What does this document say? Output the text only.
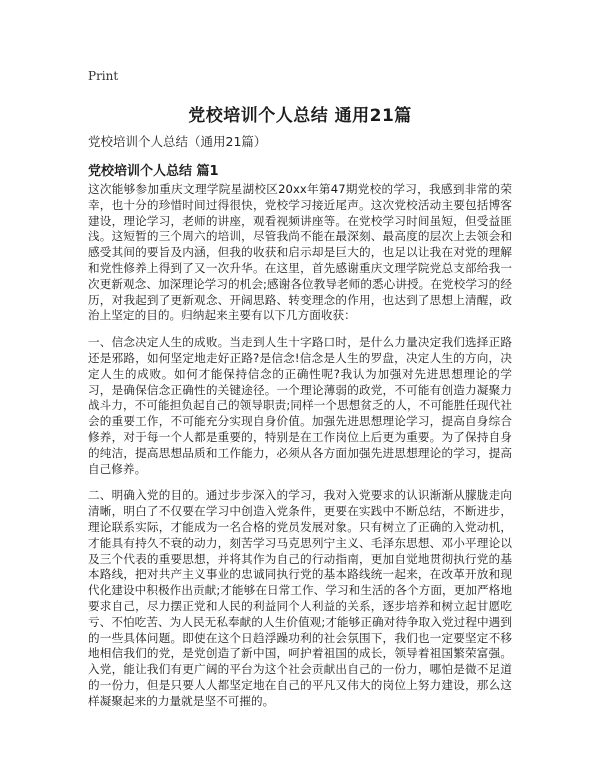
Print
党校培训个人总结 通用21篇
党校培训个人总结（通用21篇）
党校培训个人总结 篇1

这次能够参加重庆文理学院星湖校区20xx年第47期党校的学习，我感到非常的荣幸，也十分的珍惜时间过得很快，党校学习接近尾声。这次党校活动主要包括博客建设，理论学习，老师的讲座，观看视频讲座等。在党校学习时间虽短，但受益匪浅。这短暂的三个周六的培训，尽管我尚不能在最深刻、最高度的层次上去领会和感受其间的要旨及内涵，但我的收获和启示却是巨大的，也足以让我在对党的理解和党性修养上得到了又一次升华。在这里，首先感谢重庆文理学院党总支部给我一次更新观念、加深理论学习的机会;感谢各位教导老师的悉心讲授。在党校学习的经历，对我起到了更新观念、开阔思路、转变理念的作用，也达到了思想上清醒，政治上坚定的目的。归纳起来主要有以下几方面收获：

一、信念决定人生的成败。当走到人生十字路口时，是什么力量决定我们选择正路还是邪路，如何坚定地走好正路?是信念!信念是人生的罗盘，决定人生的方向，决定人生的成败。如何才能保持信念的正确性呢?我认为加强对先进思想理论的学习，是确保信念正确性的关键途径。一个理论薄弱的政党，不可能有创造力凝聚力战斗力，不可能担负起自己的领导职责;同样一个思想贫乏的人，不可能胜任现代社会的重要工作，不可能充分实现自身价值。加强先进思想理论学习，提高自身综合修养，对于每一个人都是重要的，特别是在工作岗位上后更为重要。为了保持自身的纯洁，提高思想品质和工作能力，必须从各方面加强先进思想理论的学习，提高自己修养。

二、明确入党的目的。通过步步深入的学习，我对入党要求的认识渐渐从朦胧走向清晰，明白了不仅要在学习中创造入党条件，更要在实践中不断总结，不断进步，理论联系实际，才能成为一名合格的党员发展对象。只有树立了正确的入党动机，才能具有持久不衰的动力，刻苦学习马克思列宁主义、毛泽东思想、邓小平理论以及三个代表的重要思想，并将其作为自己的行动指南，更加自觉地贯彻执行党的基本路线，把对共产主义事业的忠诚同执行党的基本路线统一起来，在改革开放和现代化建设中积极作出贡献;才能够在日常工作、学习和生活的各个方面，更加严格地要求自己，尽力摆正党和人民的利益同个人利益的关系，逐步培养和树立起甘愿吃亏、不怕吃苦、为人民无私奉献的人生价值观;才能够正确对待争取入党过程中遇到的一些具体问题。即使在这个日趋浮躁功利的社会氛围下，我们也一定要坚定不移地相信我们的党，是党创造了新中国，呵护着祖国的成长，领导着祖国繁荣富强。入党，能让我们有更广阔的平台为这个社会贡献出自己的一份力，哪怕是微不足道的一份力，但是只要人人都坚定地在自己的平凡又伟大的岗位上努力建设，那么这样凝聚起来的力量就是坚不可摧的。
